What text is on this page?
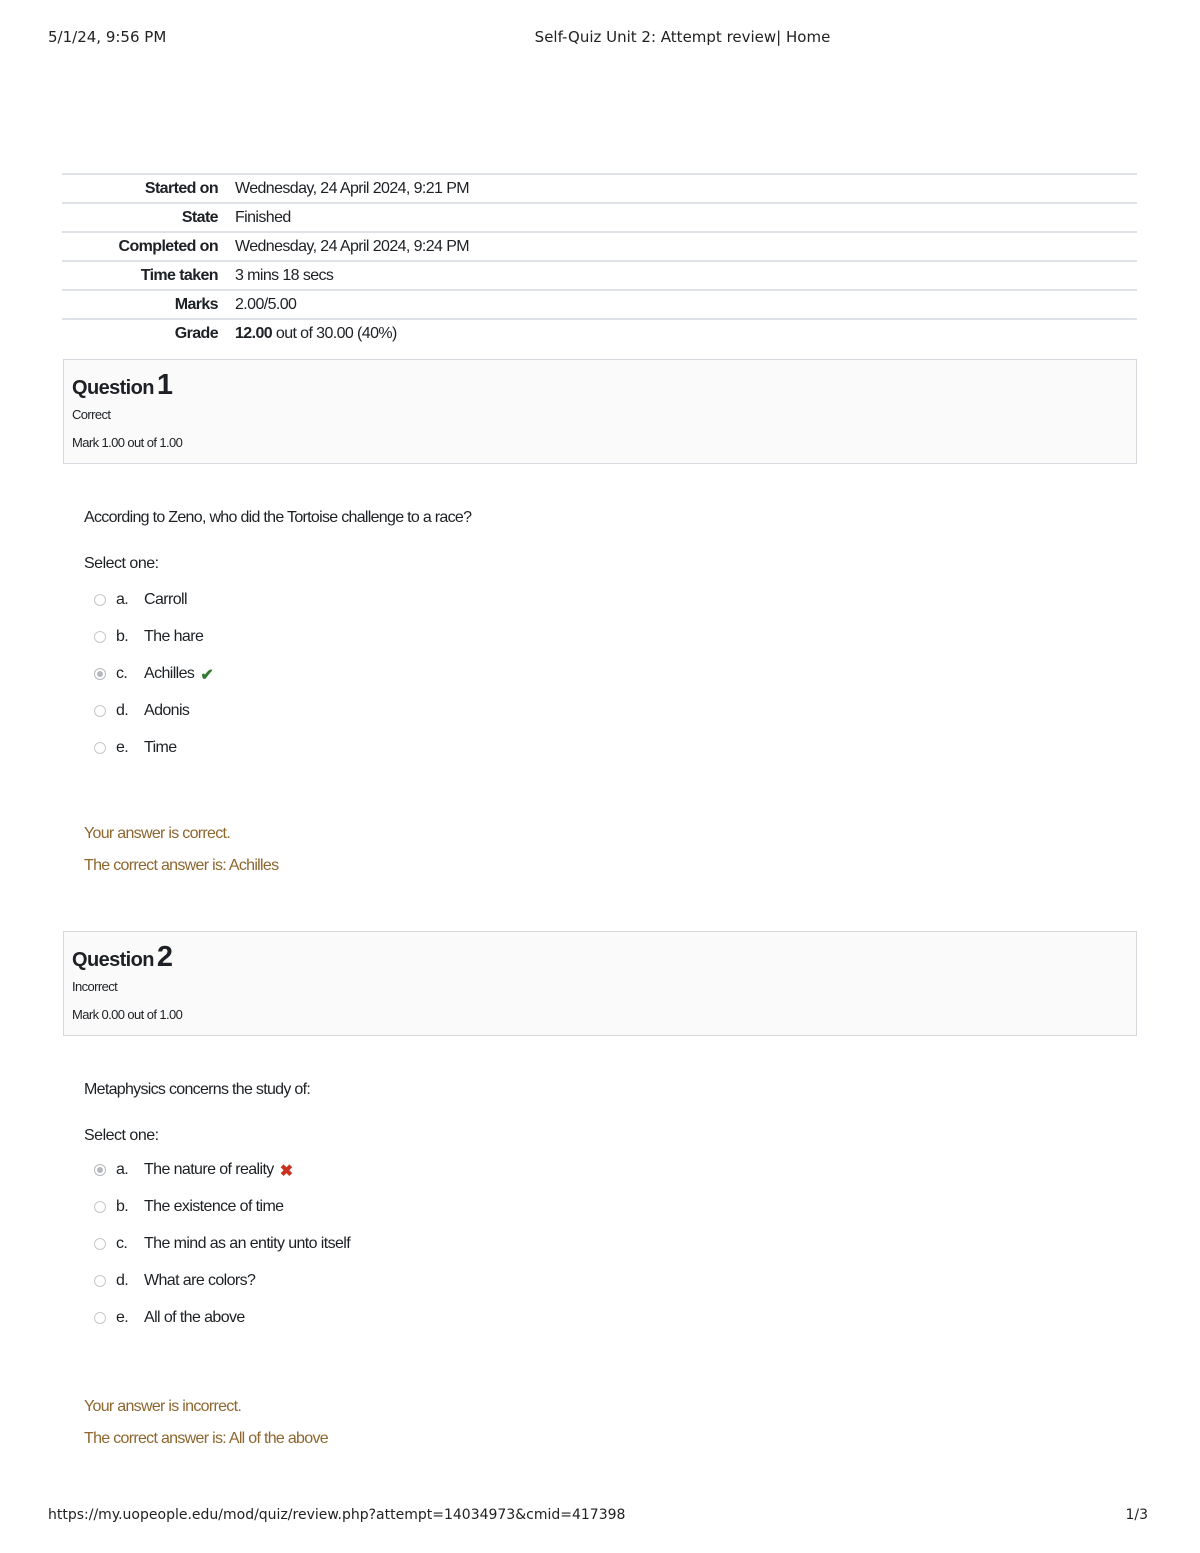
5/1/24, 9:56 PM	Self-Quiz Unit 2: Attempt review| Home
Started on	Wednesday, 24 April 2024, 9:21 PM
State	Finished
Completed on	Wednesday, 24 April 2024, 9:24 PM
Time taken	3 mins 18 secs
Marks	2.00/5.00
Grade	12.00 out of 30.00 (40%)
Question 1
Correct
Mark 1.00 out of 1.00
According to Zeno, who did the Tortoise challenge to a race?
Select one:
a. Carroll
b. The hare
c.	Achilles ✔
d. Adonis
e. Time
Your answer is correct.
The correct answer is: Achilles
Question 2
Incorrect
Mark 0.00 out of 1.00
Metaphysics concerns the study of:
Select one:
a. The nature of reality ✖
b. The existence of time
c.	The mind as an entity unto itself
d. What are colors?
e. All of the above
Your answer is incorrect.
The correct answer is: All of the above
https://my.uopeople.edu/mod/quiz/review.php?attempt=14034973&cmid=417398	1/3
